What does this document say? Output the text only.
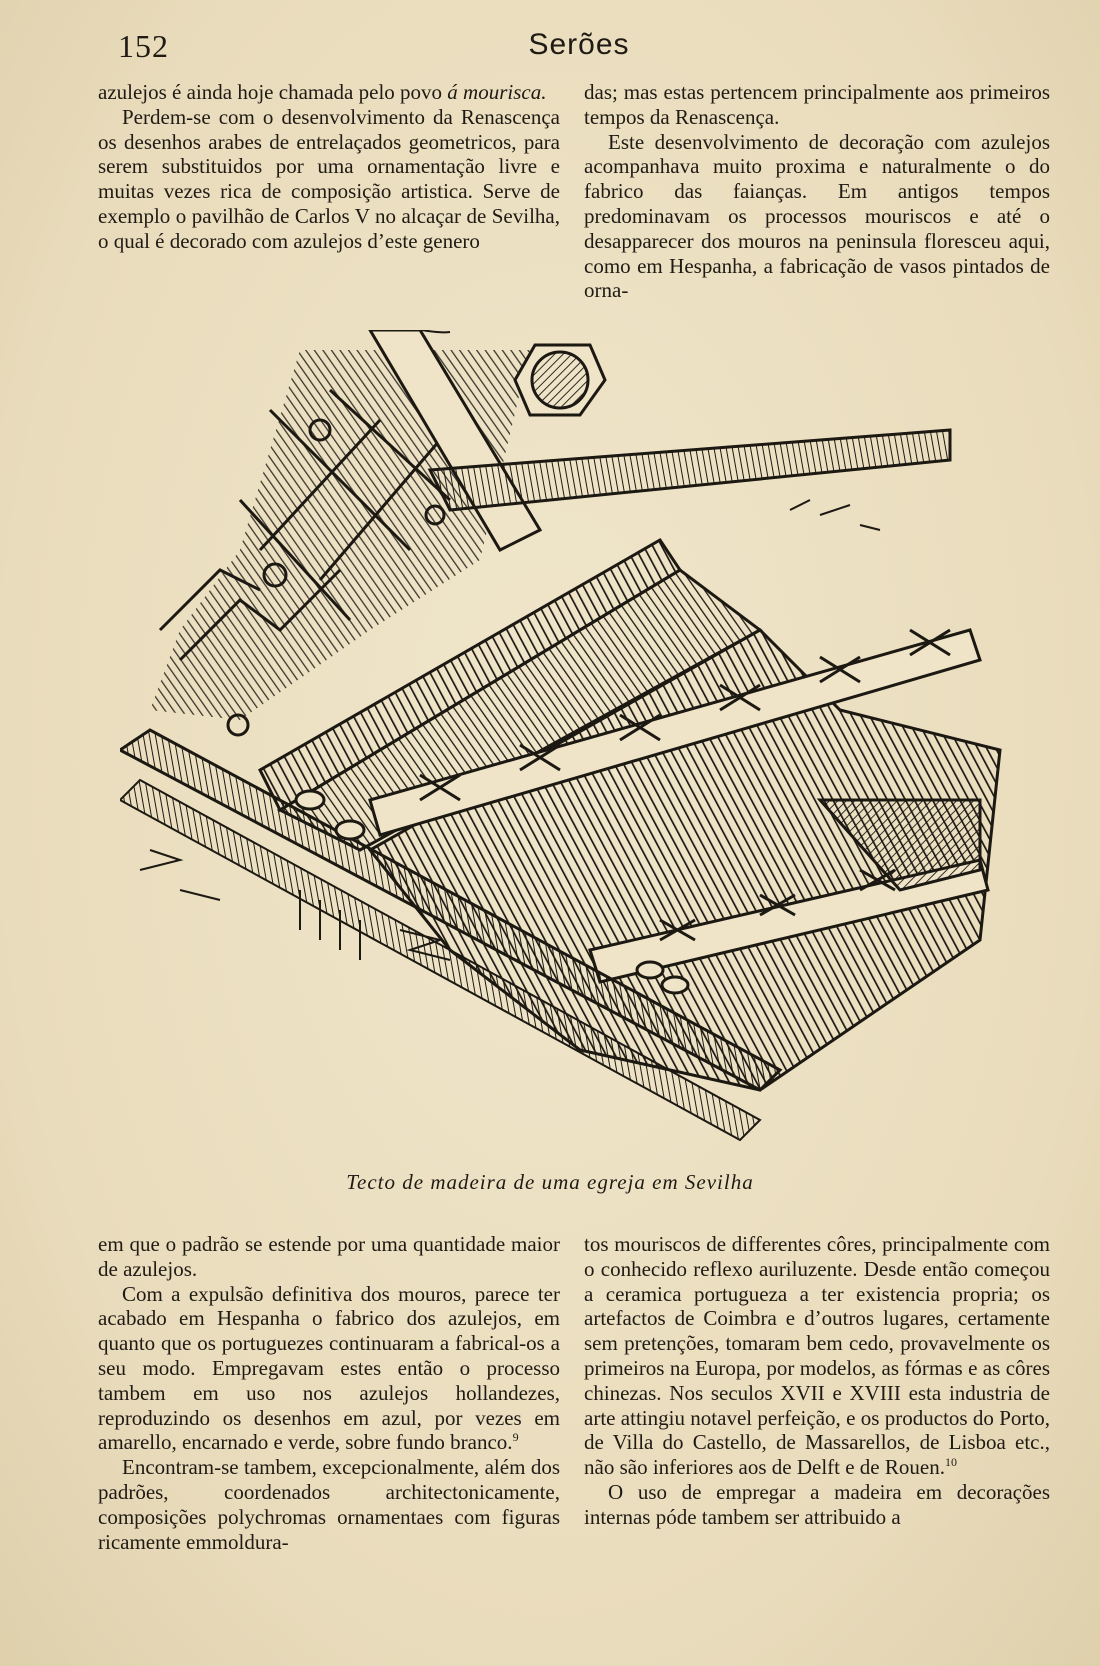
152	Serões

azulejos é ainda hoje chamada pelo povo á mourisca.

Perdem-se com o desenvolvimento da Renascença os desenhos arabes de entrelaçados geometricos, para serem substituidos por uma ornamentação livre e muitas vezes rica de composição artistica. Serve de exemplo o pavilhão de Carlos V no alcaçar de Sevilha, o qual é decorado com azulejos d’este genero

das; mas estas pertencem principalmente aos primeiros tempos da Renascença.

Este desenvolvimento de decoração com azulejos acompanhava muito proxima e naturalmente o do fabrico das faianças. Em antigos tempos predominavam os processos mouriscos e até o desapparecer dos mouros na peninsula floresceu aqui, como em Hespanha, a fabricação de vasos pintados de orna-

Tecto de madeira de uma egreja em Sevilha

em que o padrão se estende por uma quantidade maior de azulejos.

Com a expulsão definitiva dos mouros, parece ter acabado em Hespanha o fabrico dos azulejos, em quanto que os portuguezes continuaram a fabrical-os a seu modo. Empregavam estes então o processo tambem em uso nos azulejos hollandezes, reproduzindo os desenhos em azul, por vezes em amarello, encarnado e verde, sobre fundo branco.$^9$

Encontram-se tambem, excepcionalmente, além dos padrões, coordenados architectonicamente, composições polychromas ornamentaes com figuras ricamente emmoldura-

tos mouriscos de differentes côres, principalmente com o conhecido reflexo auriluzente. Desde então começou a ceramica portugueza a ter existencia propria; os artefactos de Coimbra e d’outros lugares, certamente sem pretenções, tomaram bem cedo, provavelmente os primeiros na Europa, por modelos, as fórmas e as côres chinezas. Nos seculos XVII e XVIII esta industria de arte attingiu notavel perfeição, e os productos do Porto, de Villa do Castello, de Massarellos, de Lisboa etc., não são inferiores aos de Delft e de Rouen.$^{10}$

O uso de empregar a madeira em decorações internas póde tambem ser attribuido a
